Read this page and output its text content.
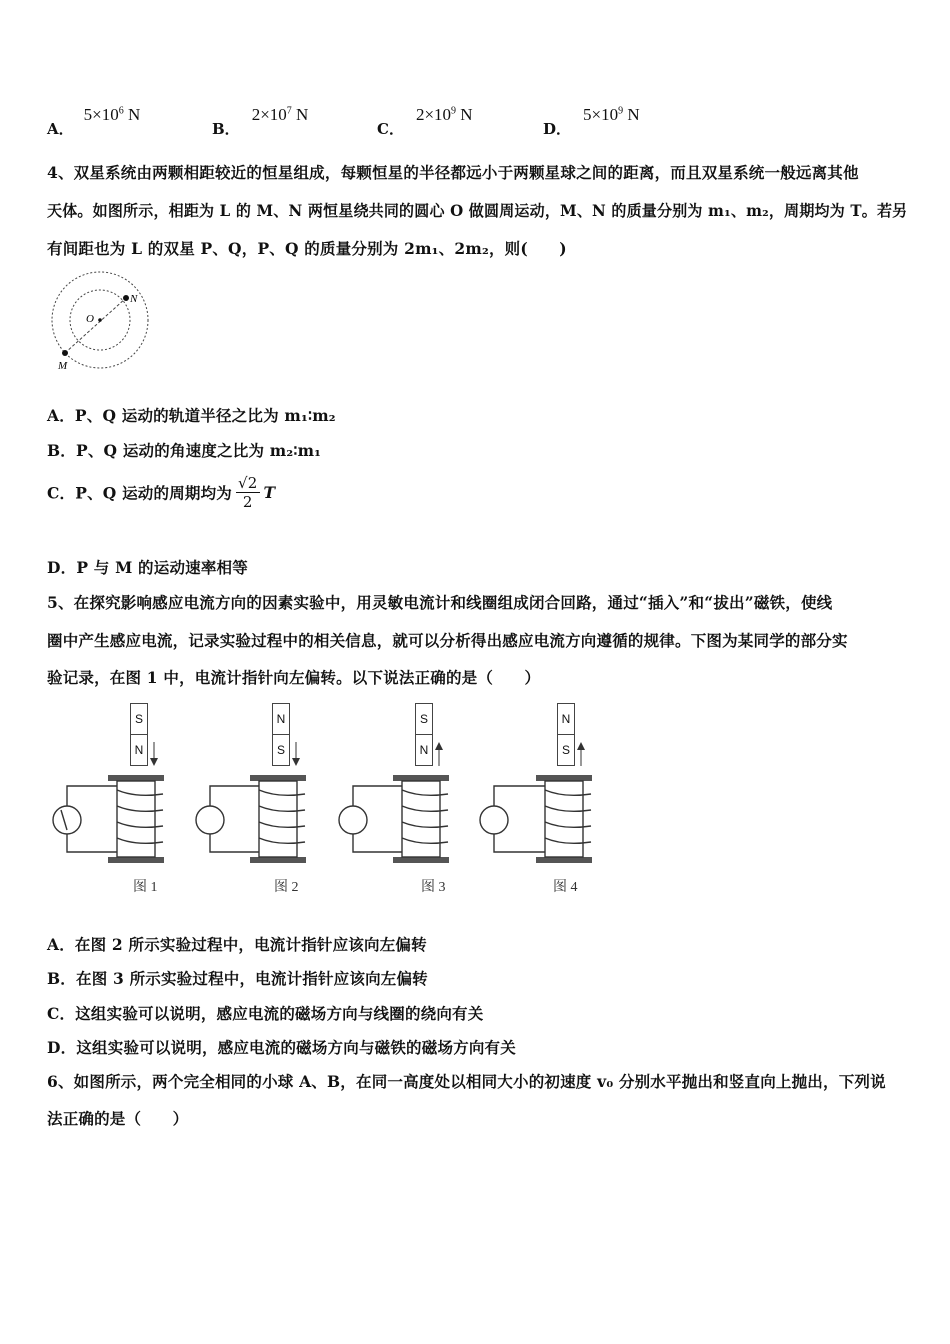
A．$5\times 10^6$ N
B．$2\times 10^7$ N
C．$2\times 10^9$ N
D．$5\times 10^9$ N
4、双星系统由两颗相距较近的恒星组成，每颗恒星的半径都远小于两颗星球之间的距离，而且双星系统一般远离其他
天体。如图所示，相距为 L 的 M、N 两恒星绕共同的圆心 O 做圆周运动，M、N 的质量分别为 m₁、m₂，周期均为 T。若另
有间距也为 L 的双星 P、Q，P、Q 的质量分别为 2m₁、2m₂，则(　　)
O
N
M
A．P、Q 运动的轨道半径之比为 m₁∶m₂
B．P、Q 运动的角速度之比为 m₂∶m₁
C．P、Q 运动的周期均为 $\frac{√2}{2}$ T
D．P 与 M 的运动速率相等
5、在探究影响感应电流方向的因素实验中，用灵敏电流计和线圈组成闭合回路，通过“插入”和“拔出”磁铁，使线
圈中产生感应电流，记录实验过程中的相关信息，就可以分析得出感应电流方向遵循的规律。下图为某同学的部分实
验记录，在图 1 中，电流计指针向左偏转。以下说法正确的是（　　）
S
N
图 1
N
S
图 2
S
N
图 3
N
S
图 4
A．在图 2 所示实验过程中，电流计指针应该向左偏转
B．在图 3 所示实验过程中，电流计指针应该向左偏转
C．这组实验可以说明，感应电流的磁场方向与线圈的绕向有关
D．这组实验可以说明，感应电流的磁场方向与磁铁的磁场方向有关
6、如图所示，两个完全相同的小球 A、B，在同一高度处以相同大小的初速度 v₀ 分别水平抛出和竖直向上抛出，下列说
法正确的是（　　）
